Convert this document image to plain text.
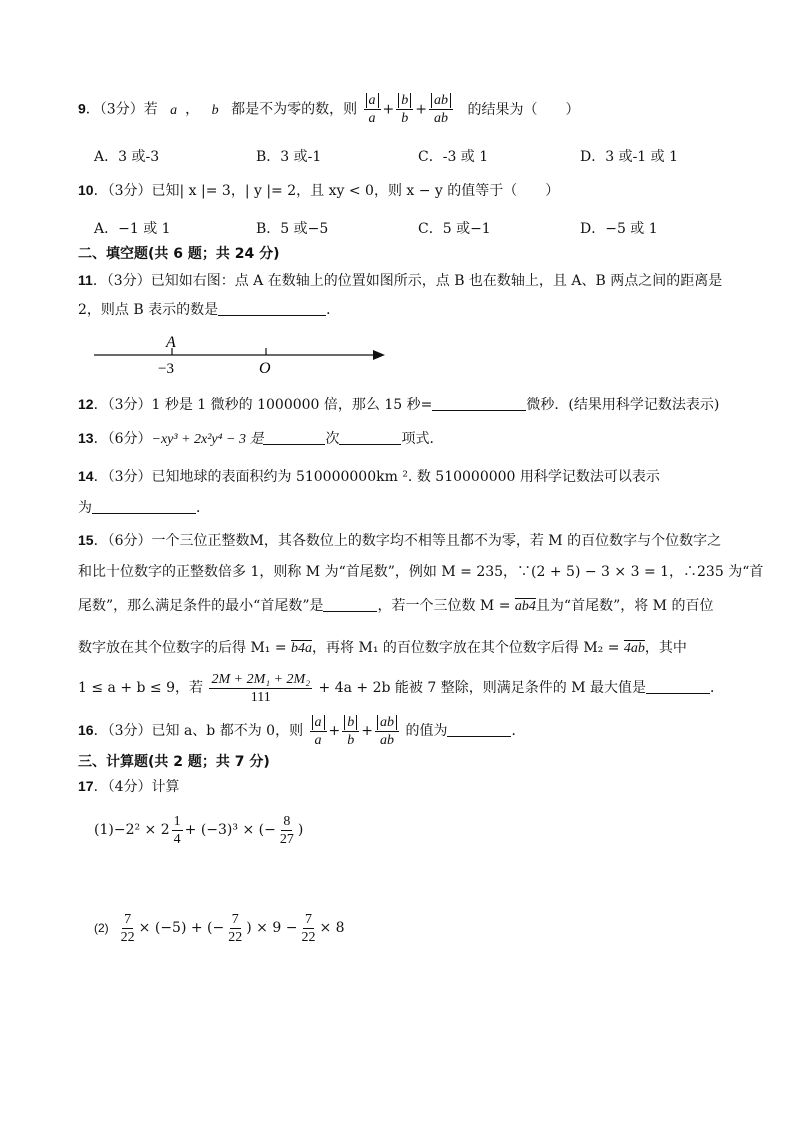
9．（3分）若 a ， b 都是不为零的数，则 $\frac{a}{a} + \frac{b}{b} + \frac{ab}{ab}$ 的结果为（　　）
A．3 或-3	B．3 或-1	C．-3 或 1	D．3 或-1 或 1
10．（3分）已知| x |= 3，| y |= 2，且 xy < 0，则 x − y 的值等于（　　）
A．−1 或 1	B．5 或−5	C．5 或−1	D．−5 或 1
二、填空题(共 6 题；共 24 分)
11．（3分）已知如右图：点 A 在数轴上的位置如图所示，点 B 也在数轴上，且 A、B 两点之间的距离是
2，则点 B 表示的数是	．
A
−3	O
12．（3分）1 秒是 1 微秒的 1000000 倍，那么 15 秒=	微秒．(结果用科学记数法表示)
13．（6分）−xy³ + 2x²y⁴ − 3 是	次	项式．
14．（3分）已知地球的表面积约为 510000000km ². 数 510000000 用科学记数法可以表示
为	．
15．（6分）一个三位正整数M，其各数位上的数字均不相等且都不为零，若 M 的百位数字与个位数字之
和比十位数字的正整数倍多 1，则称 M 为“首尾数”，例如 M = 235，∵(2 + 5) − 3 × 3 = 1，∴235 为“首
尾数”，那么满足条件的最小“首尾数”是	，若一个三位数 M = ab4且为“首尾数”，将 M 的百位
数字放在其个位数字的后得 M₁ = b4a，再将 M₁ 的百位数字放在其个位数字后得 M₂ = 4ab，其中
1 ≤ a + b ≤ 9，若 $\frac{\text{2M + 2M₁ + 2M₂}}{111} + 4a + 2b$ 能被 7 整除，则满足条件的 M 最大值是	．
16．（3分）已知 a、b 都不为 0，则 $\frac{a}{a} + \frac{b}{b} + \frac{ab}{ab}$ 的值为	．
三、计算题(共 2 题；共 7 分)
17．（4分）计算
$(1)-2^2 \times 2 \frac{1}{4} + (-3)^3$ × (− $\frac{8}{27}$ )
$(2) \frac{7}{22} \times (-5)$ + (− $\frac{7}{22}$ ) × $9 - \frac{7}{22} \times 8$
